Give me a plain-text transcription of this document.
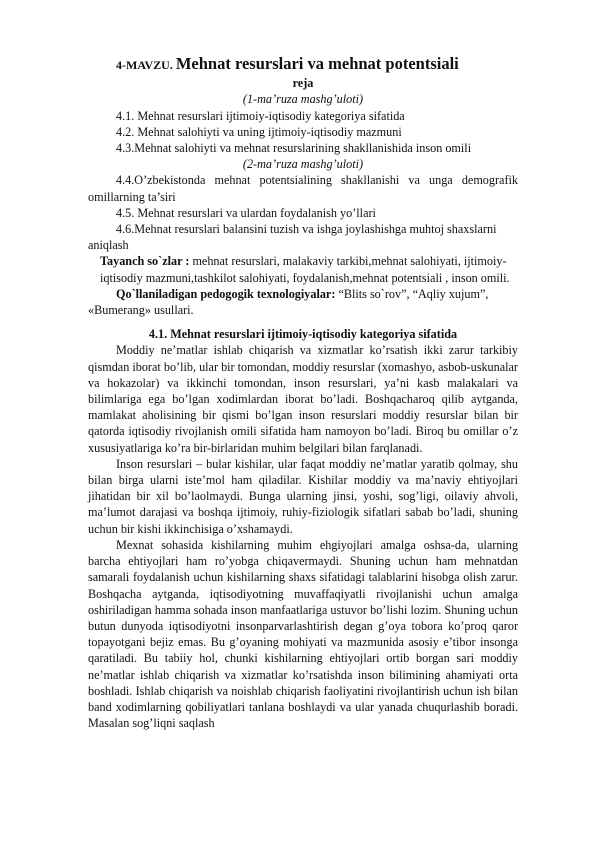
4-MAVZU. Mehnat resurslari va mehnat potentsiali

reja

(1-ma’ruza mashg’uloti)

4.1. Mehnat resurslari ijtimoiy-iqtisodiy kategoriya sifatida

4.2. Mehnat salohiyti va uning ijtimoiy-iqtisodiy mazmuni

4.3.Mehnat salohiyti va mehnat resurslarining shakllanishida inson omili

(2-ma’ruza mashg’uloti)

4.4.O’zbekistonda mehnat potentsialining shakllanishi va unga demografik omillarning ta’siri

4.5. Mehnat resurslari va ulardan foydalanish yo’llari

4.6.Mehnat resurslari balansini tuzish va ishga joylashishga muhtoj shaxslarni aniqlash

Tayanch so`zlar : mehnat resurslari, malakaviy tarkibi,mehnat salohiyati, ijtimoiy- iqtisodiy mazmuni,tashkilot salohiyati, foydalanish,mehnat potentsiali , inson omili.

Qo`llaniladigan pedogogik texnologiyalar: “Blits so`rov”, “Aqliy xujum”, «Bumerang» usullari.

4.1. Mehnat resurslari ijtimoiy-iqtisodiy kategoriya sifatida

Moddiy ne’matlar ishlab chiqarish va xizmatlar ko’rsatish ikki zarur tarkibiy qismdan iborat bo’lib, ular bir tomondan, moddiy resurslar (xomashyo, asbob-uskunalar va hokazolar) va ikkinchi tomondan, inson resurslari, ya’ni kasb malakalari va bilimlariga ega bo’lgan xodimlardan iborat bo’ladi. Boshqacharoq qilib aytganda, mamlakat aholisining bir qismi bo’lgan inson resurslari moddiy resurslar bilan bir qatorda iqtisodiy rivojlanish omili sifatida ham namoyon bo’ladi. Biroq bu omillar o’z xususiyatlariga ko’ra bir-birlaridan muhim belgilari bilan farqlanadi.

Inson resurslari – bular kishilar, ular faqat moddiy ne’matlar yaratib qolmay, shu bilan birga ularni iste’mol ham qiladilar. Kishilar moddiy va ma’naviy ehtiyojlari jihatidan bir xil bo’laolmaydi. Bunga ularning jinsi, yoshi, sog’ligi, oilaviy ahvoli, ma’lumot darajasi va boshqa ijtimoiy, ruhiy-fiziologik sifatlari sabab bo’ladi, shuning uchun bir kishi ikkinchisiga o’xshamaydi.

Mexnat sohasida kishilarning muhim ehgiyojlari amalga oshsa-da, ularning barcha ehtiyojlari ham ro’yobga chiqavermaydi. Shuning uchun ham mehnatdan samarali foydalanish uchun kishilarning shaxs sifatidagi talablarini hisobga olish zarur. Boshqacha aytganda, iqtisodiyotning muvaffaqiyatli rivojlanishi uchun amalga oshiriladigan hamma sohada inson manfaatlariga ustuvor bo’lishi lozim. Shuning uchun butun dunyoda iqtisodiyotni insonparvarlashtirish degan g’oya tobora ko’proq qaror topayotgani bejiz emas. Bu g’oyaning mohiyati va mazmunida asosiy e’tibor insonga qaratiladi. Bu tabiiy hol, chunki kishilarning ehtiyojlari ortib borgan sari moddiy ne’matlar ishlab chiqarish va xizmatlar ko’rsatishda inson bilimining ahamiyati orta boshladi. Ishlab chiqarish va noishlab chiqarish faoliyatini rivojlantirish uchun ish bilan band xodimlarning qobiliyatlari tanlana boshlaydi va ular yanada chuqurlashib boradi. Masalan sog’liqni saqlash
